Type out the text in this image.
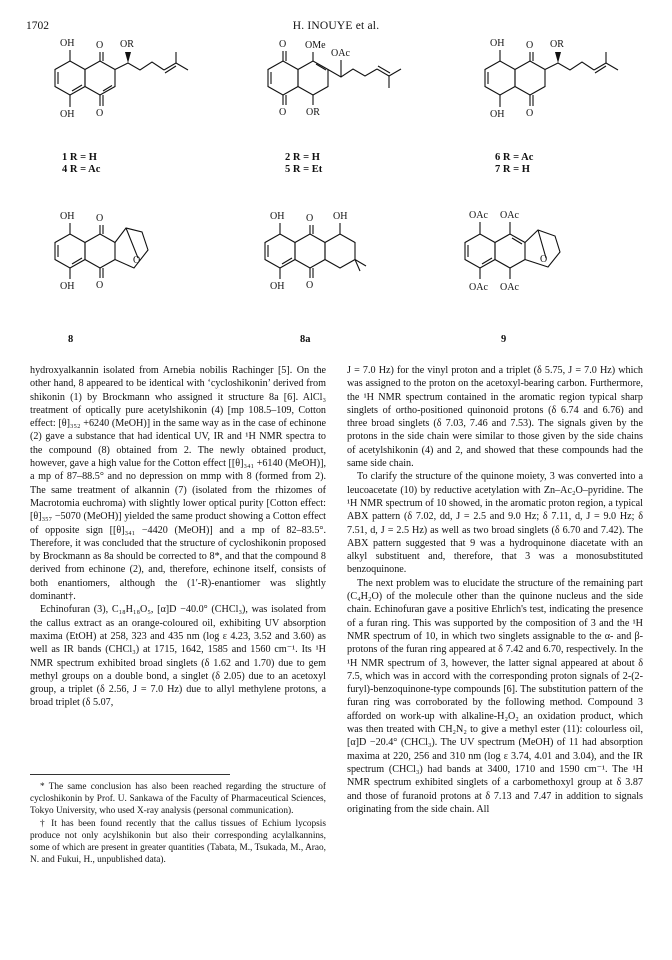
1702	H. INOUYE et al.
OH O OR
OH O
O OMe
OAc
O OR
OH O OR
OH O
OH O
OH O
O
OH O OH
OH O
OAc OAc
OAc OAc
O
1 R = H
4 R = Ac
2 R = H
5 R = Et
6 R = Ac
7 R = H
8	8a	9

hydroxyalkannin isolated from Arnebia nobilis Rachinger [5]. On the other hand, 8 appeared to be identical with ‘cycloshikonin’ derived from shikonin (1) by Brockmann who assigned it structure 8a [6]. AlCl₃ treatment of optically pure acetylshikonin (4) [mp 108.5–109, Cotton effect: [θ]₃₅₂ +6240 (MeOH)] in the same way as in the case of echinone (2) gave a substance that had identical UV, IR and ¹H NMR spectra to the compound (8) obtained from 2. The newly obtained product, however, gave a high value for the Cotton effect [[θ]₃₄₁ +6140 (MeOH)], a mp of 87–88.5° and no depression on mmp with 8 (formed from 2). The same treatment of alkannin (7) (isolated from the rhizomes of Macrotomia euchroma) with slightly lower optical purity [Cotton effect: [θ]₃₅₇ −5070 (MeOH)] yielded the same product showing a Cotton effect of opposite sign [[θ]₃₄₁ −4420 (MeOH)] and a mp of 82–83.5°. Therefore, it was concluded that the structure of cycloshikonin proposed by Brockmann as 8a should be corrected to 8*, and that the compound 8 derived from echinone (2), and, therefore, echinone itself, consists of both enantiomers, although the (1′-R)-enantiomer was slightly dominant†.

Echinofuran (3), C₁₈H₁₈O₅, [α]D −40.0° (CHCl₃), was isolated from the callus extract as an orange-coloured oil, exhibiting UV absorption maxima (EtOH) at 258, 323 and 435 nm (log ε 4.23, 3.52 and 3.60) as well as IR bands (CHCl₃) at 1715, 1642, 1585 and 1560 cm⁻¹. Its ¹H NMR spectrum exhibited broad singlets (δ 1.62 and 1.70) due to gem methyl groups on a double bond, a singlet (δ 2.05) due to an acetoxyl group, a triplet (δ 2.56, J = 7.0 Hz) due to allyl methylene protons, a broad triplet (δ 5.07,

J = 7.0 Hz) for the vinyl proton and a triplet (δ 5.75, J = 7.0 Hz) which was assigned to the proton on the acetoxyl-bearing carbon. Furthermore, the ¹H NMR spectrum contained in the aromatic region typical sharp singlets of ortho-positioned quinonoid protons (δ 6.74 and 6.76) and three broad singlets (δ 7.03, 7.46 and 7.53). The signals given by the protons in the side chain were similar to those given by the side chains of acetylshikonin (4) and 2, and showed that these compounds had the same side chain.

To clarify the structure of the quinone moiety, 3 was converted into a leucoacetate (10) by reductive acetylation with Zn–Ac₂O–pyridine. The ¹H NMR spectrum of 10 showed, in the aromatic proton region, a typical ABX pattern (δ 7.02, dd, J = 2.5 and 9.0 Hz; δ 7.11, d, J = 9.0 Hz; δ 7.51, d, J = 2.5 Hz) as well as two broad singlets (δ 6.70 and 7.42). The ABX pattern suggested that 9 was a hydroquinone diacetate with an alkyl substituent and, therefore, that 3 was a monosubstituted benzoquinone.

The next problem was to elucidate the structure of the remaining part (C₄H₂O) of the molecule other than the quinone nucleus and the side chain. Echinofuran gave a positive Ehrlich's test, indicating the presence of a furan ring. This was supported by the composition of 3 and the ¹H NMR spectrum of 10, in which two singlets assignable to the α- and β-protons of the furan ring appeared at δ 7.42 and 6.70, respectively. In the ¹H NMR spectrum of 3, however, the latter signal appeared at about δ 7.5, which was in accord with the corresponding proton signals of 2-(2-furyl)-benzoquinone-type compounds [6]. The substitution pattern of the furan ring was corroborated by the following method. Compound 3 afforded on work-up with alkaline-H₂O₂ an oxidation product, which was then treated with CH₂N₂ to give a methyl ester (11): colourless oil, [α]D −20.4° (CHCl₃). The UV spectrum (MeOH) of 11 had absorption maxima at 220, 256 and 310 nm (log ε 3.74, 4.01 and 3.04), and the IR spectrum (CHCl₃) had bands at 3400, 1710 and 1590 cm⁻¹. The ¹H NMR spectrum exhibited singlets of a carbomethoxyl group at δ 3.87 and those of furanoid protons at δ 7.13 and 7.47 in addition to signals originating from the side chain. All

* The same conclusion has also been reached regarding the structure of cycloshikonin by Prof. U. Sankawa of the Faculty of Pharmaceutical Sciences, Tokyo University, who used X-ray analysis (personal communication).

† It has been found recently that the callus tissues of Echium lycopsis produce not only acylshikonin but also their corresponding acylalkannins, some of which are present in greater quantities (Tabata, M., Tsukada, M., Arao, N. and Fukui, H., unpublished data).
